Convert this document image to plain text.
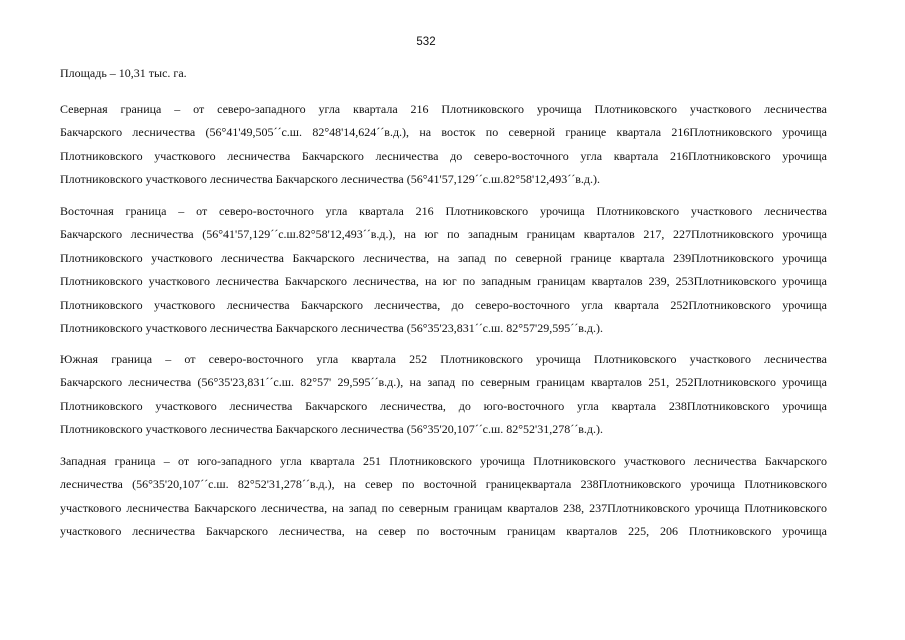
532
Площадь – 10,31 тыс. га.
Северная граница – от северо-западного угла квартала 216 Плотниковского урочища Плотниковского участкового лесничества
Бакчарского лесничества (56°41'49,505´´с.ш. 82°48'14,624´´в.д.), на восток по северной границе квартала 216Плотниковского урочища
Плотниковского участкового лесничества Бакчарского лесничества до северо-восточного угла квартала 216Плотниковского урочища
Плотниковского участкового лесничества Бакчарского лесничества (56°41'57,129´´с.ш.82°58'12,493´´в.д.).
Восточная граница – от северо-восточного угла квартала 216 Плотниковского урочища Плотниковского участкового лесничества
Бакчарского лесничества (56°41'57,129´´с.ш.82°58'12,493´´в.д.), на юг по западным границам кварталов 217, 227Плотниковского урочища
Плотниковского участкового лесничества Бакчарского лесничества, на запад по северной границе квартала 239Плотниковского урочища
Плотниковского участкового лесничества Бакчарского лесничества, на юг по западным границам кварталов 239, 253Плотниковского урочища
Плотниковского участкового лесничества Бакчарского лесничества, до северо-восточного угла квартала 252Плотниковского урочища
Плотниковского участкового лесничества Бакчарского лесничества (56°35'23,831´´с.ш. 82°57'29,595´´в.д.).
Южная граница – от северо-восточного угла квартала 252 Плотниковского урочища Плотниковского участкового лесничества
Бакчарского лесничества (56°35'23,831´´с.ш. 82°57' 29,595´´в.д.), на запад по северным границам кварталов 251, 252Плотниковского урочища
Плотниковского участкового лесничества Бакчарского лесничества, до юго-восточного угла квартала 238Плотниковского урочища
Плотниковского участкового лесничества Бакчарского лесничества (56°35'20,107´´с.ш. 82°52'31,278´´в.д.).
Западная граница – от юго-западного угла квартала 251 Плотниковского урочища Плотниковского участкового лесничества Бакчарского
лесничества (56°35'20,107´´с.ш. 82°52'31,278´´в.д.), на север по восточной границеквартала 238Плотниковского урочища Плотниковского
участкового лесничества Бакчарского лесничества, на запад по северным границам кварталов 238, 237Плотниковского урочища Плотниковского
участкового лесничества Бакчарского лесничества, на север по восточным границам кварталов 225, 206 Плотниковского урочища
